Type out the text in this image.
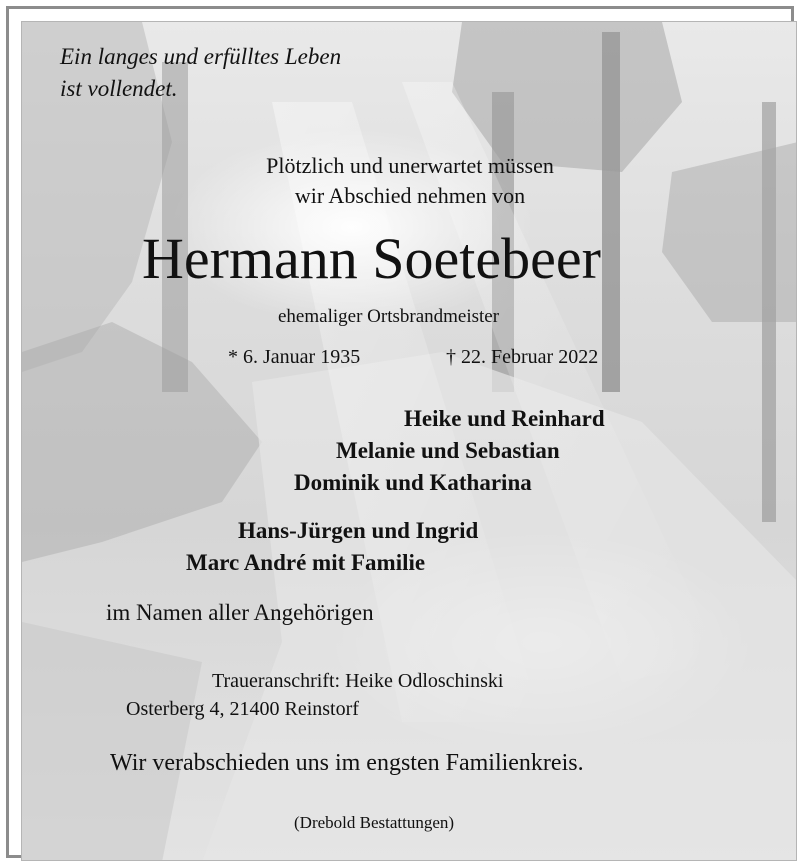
Ein langes und erfülltes Leben

ist vollendet.

Plötzlich und unerwartet müssen

wir Abschied nehmen von

Hermann Soetebeer

ehemaliger Ortsbrandmeister

* 6. Januar 1935	† 22. Februar 2022

Heike und Reinhard

Melanie und Sebastian

Dominik und Katharina

Hans-Jürgen und Ingrid

Marc André mit Familie

im Namen aller Angehörigen

Traueranschrift: Heike Odloschinski

Osterberg 4, 21400 Reinstorf

Wir verabschieden uns im engsten Familienkreis.

(Drebold Bestattungen)
